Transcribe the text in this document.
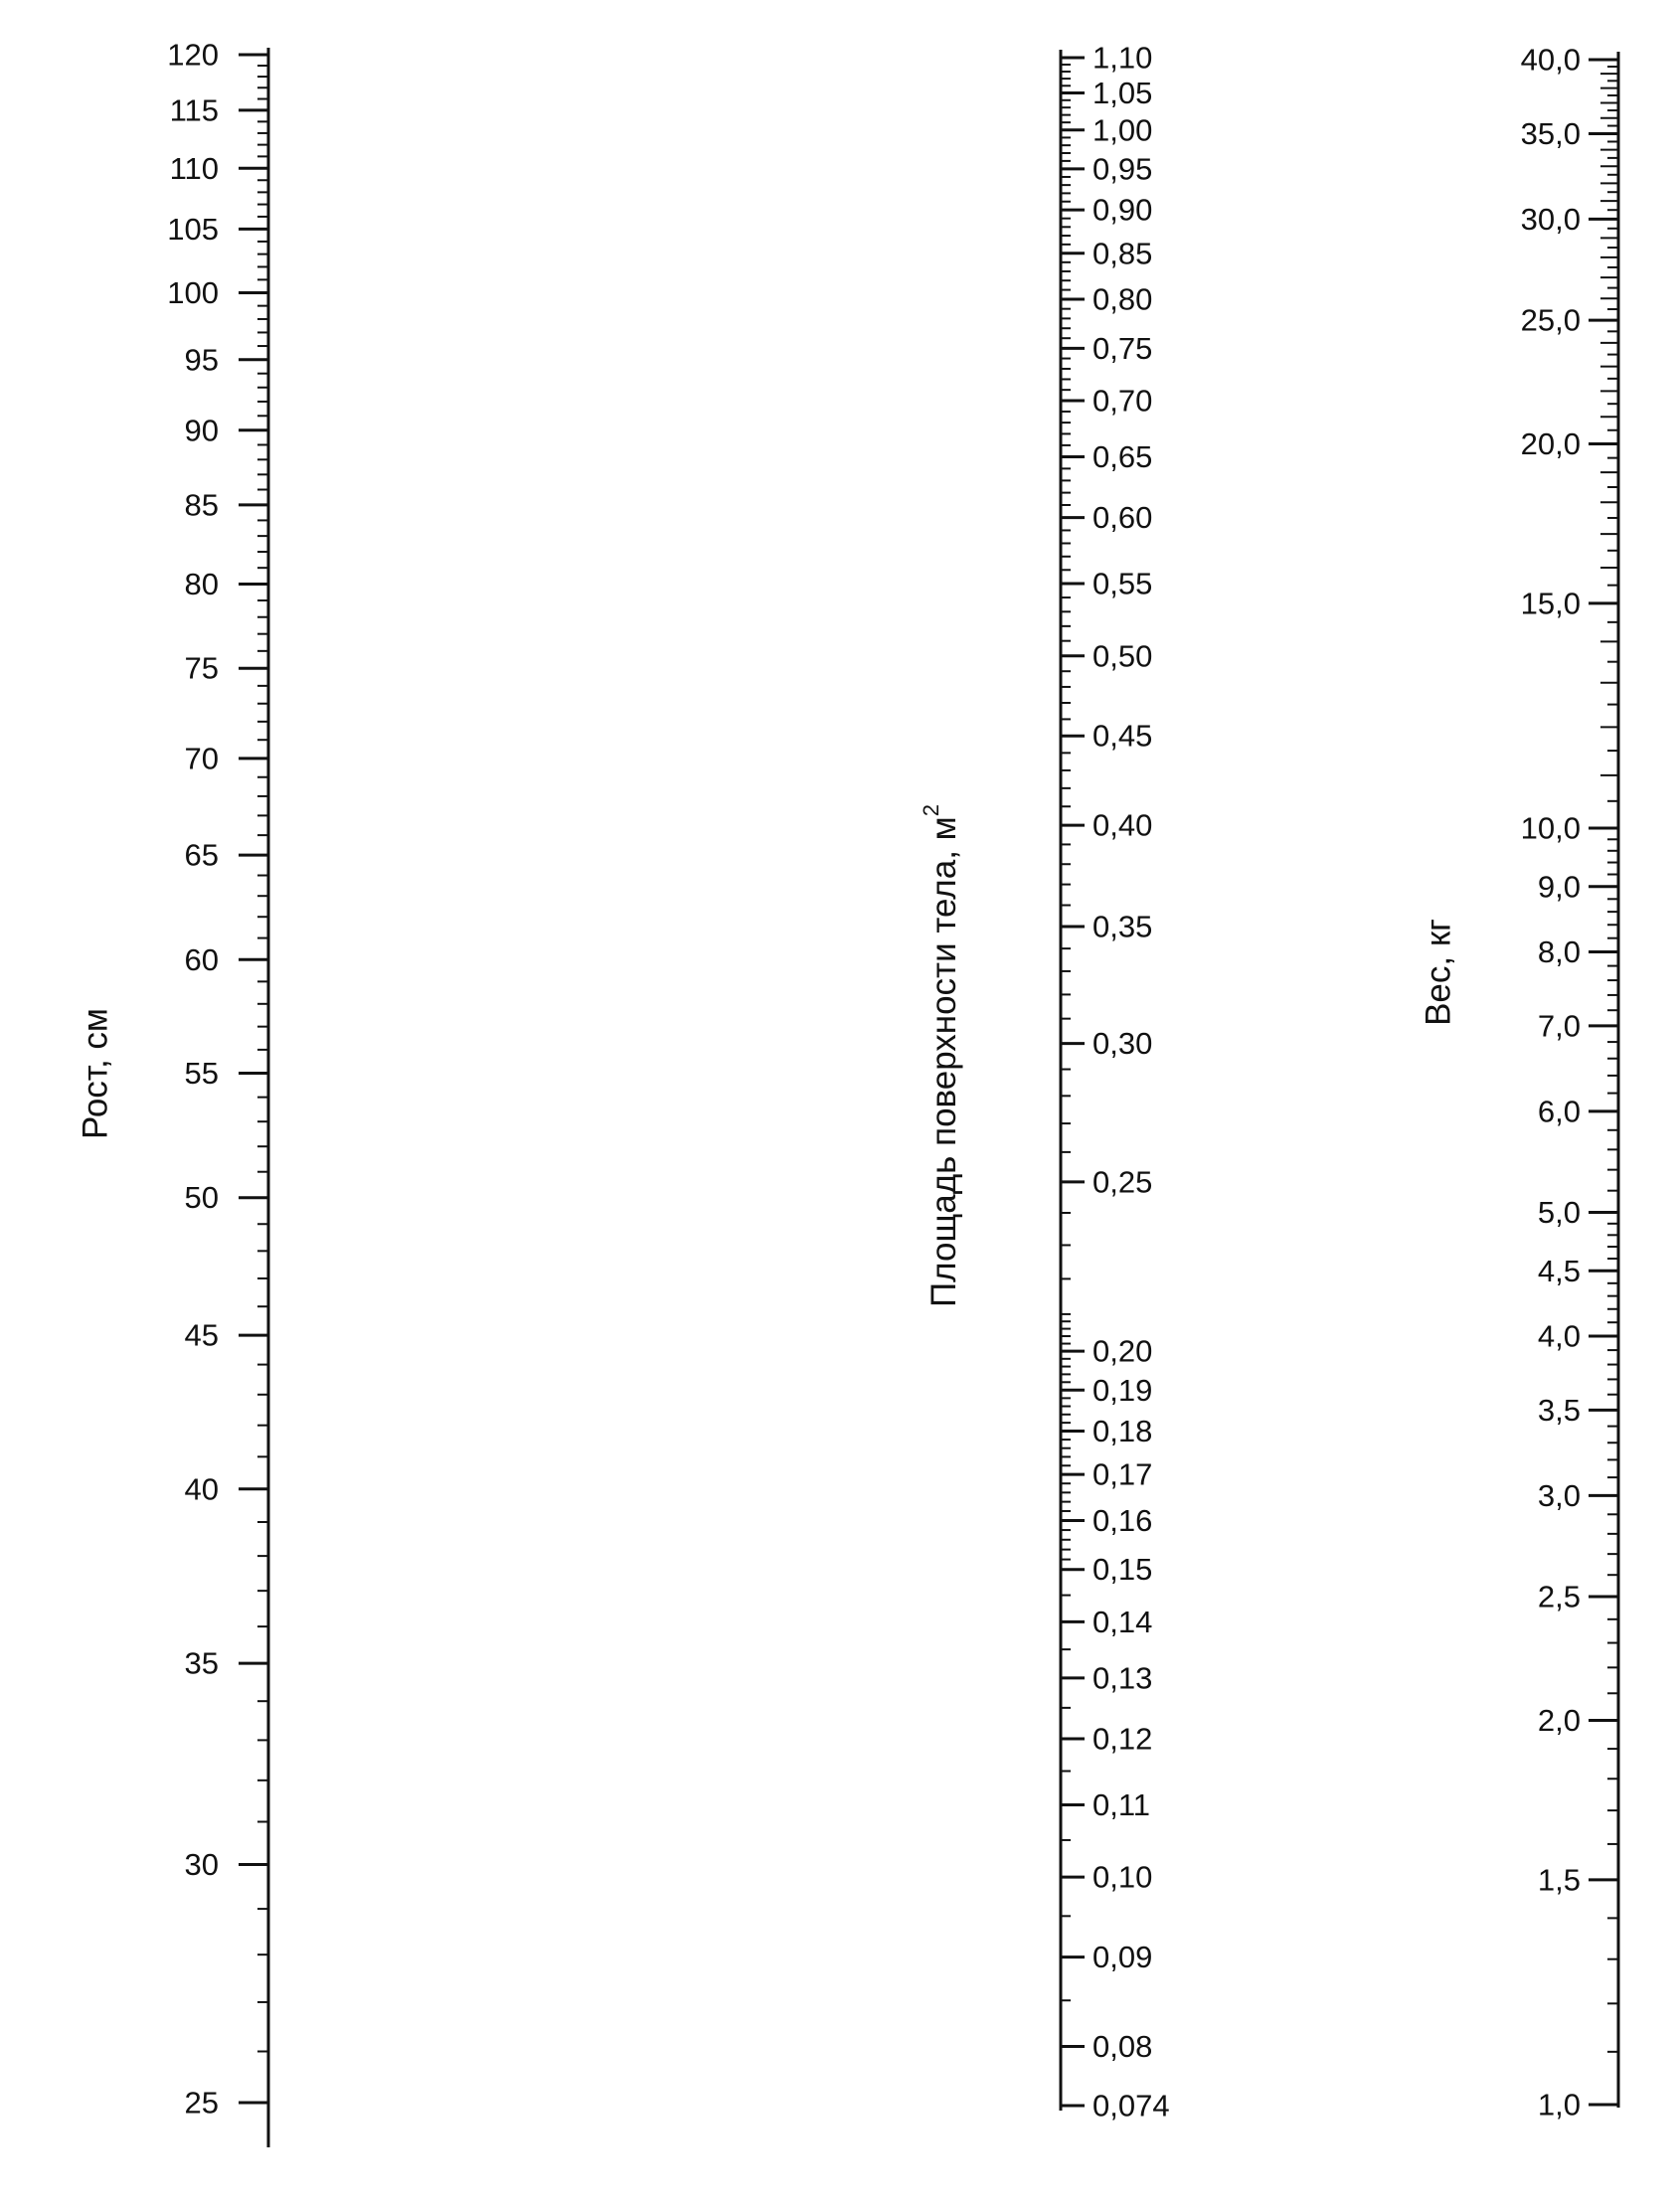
120
115
110
105
100
95
90
85
80
75
70
65
60
55
50
45
40
35
30
25
1,10
1,05
1,00
0,95
0,90
0,85
0,80
0,75
0,70
0,65
0,60
0,55
0,50
0,45
0,40
0,35
0,30
0,25
0,20
0,19
0,18
0,17
0,16
0,15
0,14
0,13
0,12
0,11
0,10
0,09
0,08
0,074
40,0
35,0
30,0
25,0
20,0
15,0
10,0
9,0
8,0
7,0
6,0
5,0
4,5
4,0
3,5
3,0
2,5
2,0
1,5
1,0
Рост, см	Площадь поверхности тела, $м^2$
Вес, кг
